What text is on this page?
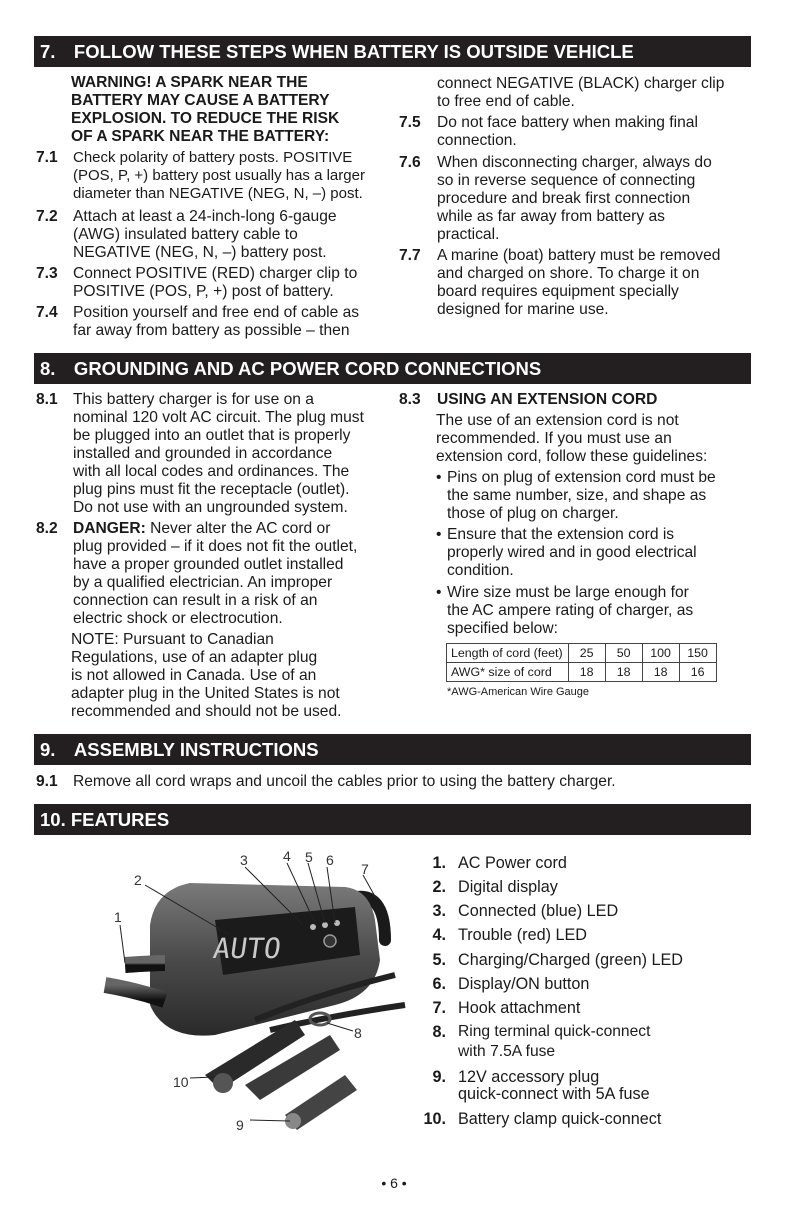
7. FOLLOW THESE STEPS WHEN BATTERY IS OUTSIDE VEHICLE
WARNING! A SPARK NEAR THE
BATTERY MAY CAUSE A BATTERY
EXPLOSION. TO REDUCE THE RISK
OF A SPARK NEAR THE BATTERY:
7.1 Check polarity of battery posts. POSITIVE
(POS, P, +) battery post usually has a larger
diameter than NEGATIVE (NEG, N, –) post.
7.2 Attach at least a 24-inch-long 6-gauge
(AWG) insulated battery cable to
NEGATIVE (NEG, N, –) battery post.
7.3 Connect POSITIVE (RED) charger clip to
POSITIVE (POS, P, +) post of battery.
7.4 Position yourself and free end of cable as
far away from battery as possible – then
connect NEGATIVE (BLACK) charger clip
to free end of cable.
7.5 Do not face battery when making final
connection.
7.6 When disconnecting charger, always do
so in reverse sequence of connecting
procedure and break first connection
while as far away from battery as
practical.
7.7 A marine (boat) battery must be removed
and charged on shore. To charge it on
board requires equipment specially
designed for marine use.
8. GROUNDING AND AC POWER CORD CONNECTIONS
8.1 This battery charger is for use on a
nominal 120 volt AC circuit. The plug must
be plugged into an outlet that is properly
installed and grounded in accordance
with all local codes and ordinances. The
plug pins must fit the receptacle (outlet).
Do not use with an ungrounded system.
8.2 DANGER: Never alter the AC cord or
plug provided – if it does not fit the outlet,
have a proper grounded outlet installed
by a qualified electrician. An improper
connection can result in a risk of an
electric shock or electrocution.
NOTE: Pursuant to Canadian
Regulations, use of an adapter plug
is not allowed in Canada. Use of an
adapter plug in the United States is not
recommended and should not be used.
8.3 USING AN EXTENSION CORD
The use of an extension cord is not
recommended. If you must use an
extension cord, follow these guidelines:
• Pins on plug of extension cord must be
the same number, size, and shape as
those of plug on charger.
• Ensure that the extension cord is
properly wired and in good electrical
condition.
• Wire size must be large enough for
the AC ampere rating of charger, as
specified below:
Length of cord (feet)	25	50	100	150
AWG* size of cord	18	18	18	16
*AWG-American Wire Gauge
9. ASSEMBLY INSTRUCTIONS
9.1 Remove all cord wraps and uncoil the cables prior to using the battery charger.
10. FEATURES
AUTO
1
2
3	4 5 6
7
8
9
10
1. AC Power cord
2. Digital display
3. Connected (blue) LED
4. Trouble (red) LED
5. Charging/Charged (green) LED
6. Display/ON button
7. Hook attachment
8. Ring terminal quick-connect
with 7.5A fuse
9. 12V accessory plug
quick-connect with 5A fuse
10. Battery clamp quick-connect
• 6 •
